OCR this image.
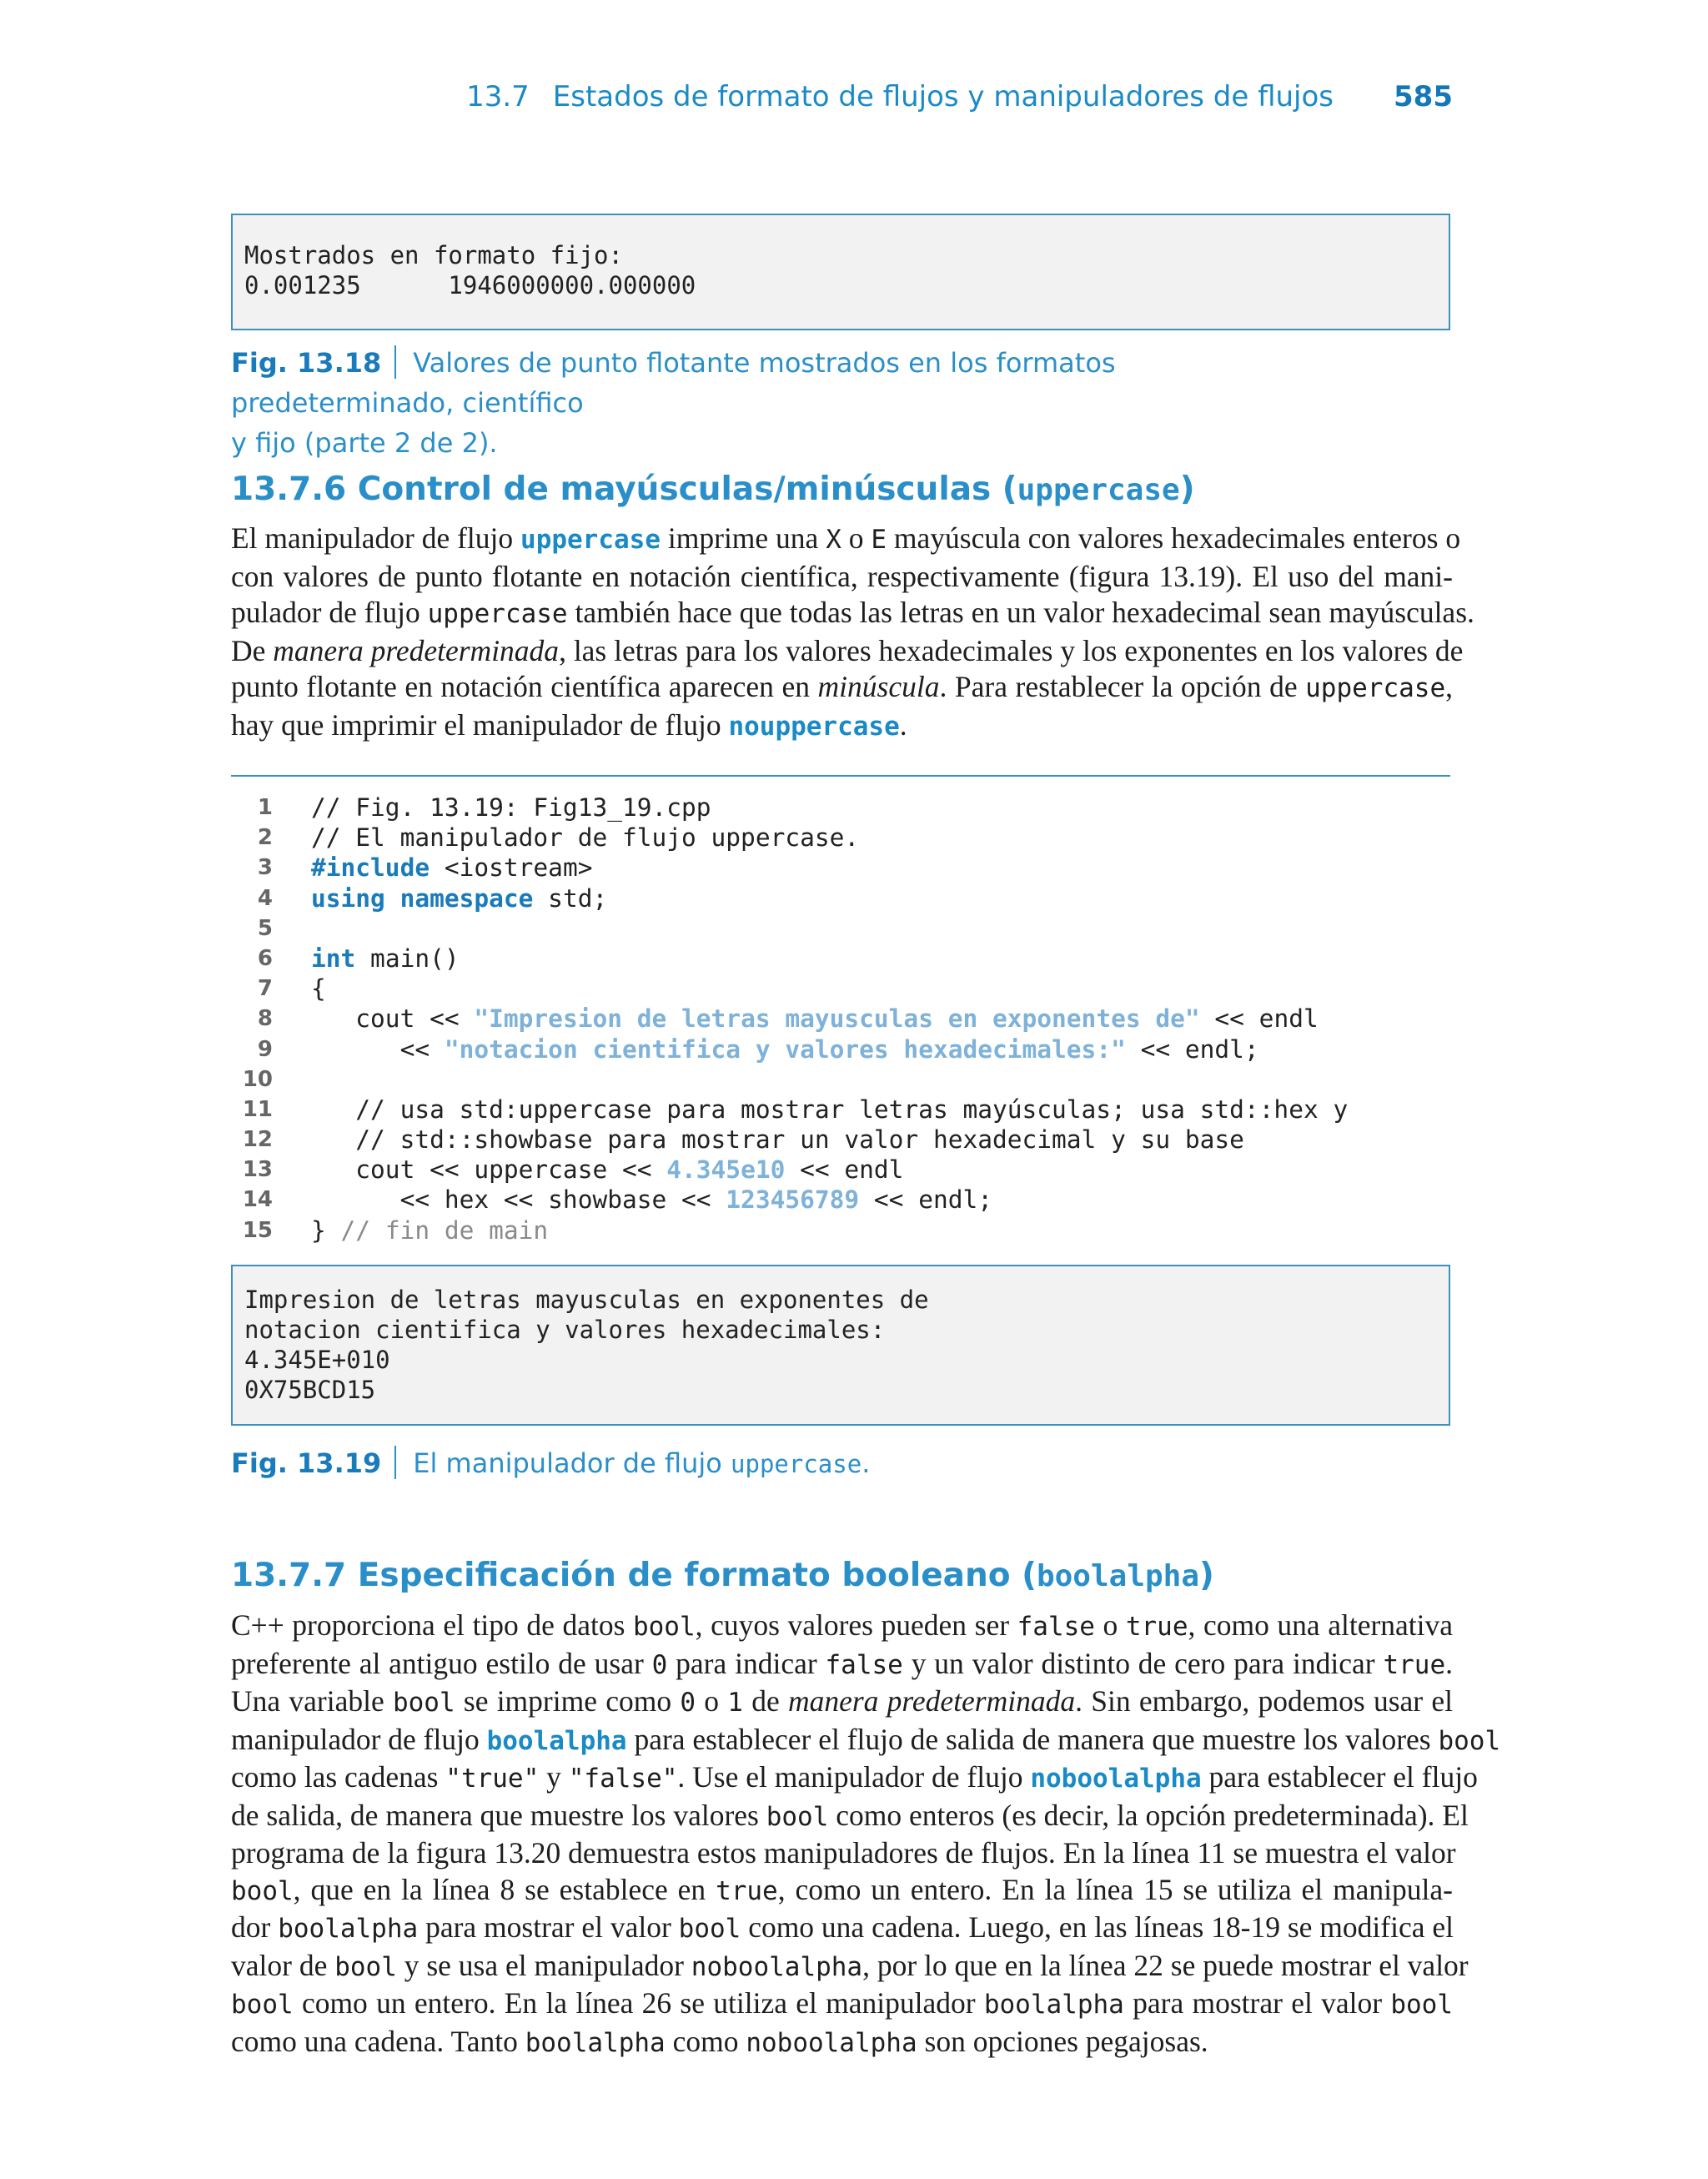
13.7 Estados de formato de flujos y manipuladores de flujos 585
Mostrados en formato fijo:
0.001235      1946000000.000000
Fig. 13.18 Valores de punto flotante mostrados en los formatos predeterminado, científico
y fijo (parte 2 de 2).
13.7.6 Control de mayúsculas/minúsculas (uppercase)
El manipulador de flujo uppercase imprime una X o E mayúscula con valores hexadecimales enteros o
con valores de punto flotante en notación científica, respectivamente (figura 13.19). El uso del mani-
pulador de flujo uppercase también hace que todas las letras en un valor hexadecimal sean mayúsculas.
De manera predeterminada, las letras para los valores hexadecimales y los exponentes en los valores de
punto flotante en notación científica aparecen en minúscula. Para restablecer la opción de uppercase,
hay que imprimir el manipulador de flujo nouppercase.
1	// Fig. 13.19: Fig13_19.cpp
2	// El manipulador de flujo uppercase.
3	#include <iostream>
4	using namespace std;
5
6	int main()
7	{
8	cout << "Impresion de letras mayusculas en exponentes de" << endl
9	<< "notacion cientifica y valores hexadecimales:" << endl;
10
11	// usa std:uppercase para mostrar letras mayúsculas; usa std::hex y
12	// std::showbase para mostrar un valor hexadecimal y su base
13	cout << uppercase << 4.345e10 << endl
14	<< hex << showbase << 123456789 << endl;
15	} // fin de main
Impresion de letras mayusculas en exponentes de
notacion cientifica y valores hexadecimales:
4.345E+010
0X75BCD15
Fig. 13.19 El manipulador de flujo uppercase.
13.7.7 Especificación de formato booleano (boolalpha)
C++ proporciona el tipo de datos bool, cuyos valores pueden ser false o true, como una alternativa
preferente al antiguo estilo de usar 0 para indicar false y un valor distinto de cero para indicar true.
Una variable bool se imprime como 0 o 1 de manera predeterminada. Sin embargo, podemos usar el
manipulador de flujo boolalpha para establecer el flujo de salida de manera que muestre los valores bool
como las cadenas "true" y "false". Use el manipulador de flujo noboolalpha para establecer el flujo
de salida, de manera que muestre los valores bool como enteros (es decir, la opción predeterminada). El
programa de la figura 13.20 demuestra estos manipuladores de flujos. En la línea 11 se muestra el valor
bool, que en la línea 8 se establece en true, como un entero. En la línea 15 se utiliza el manipula-
dor boolalpha para mostrar el valor bool como una cadena. Luego, en las líneas 18-19 se modifica el
valor de bool y se usa el manipulador noboolalpha, por lo que en la línea 22 se puede mostrar el valor
bool como un entero. En la línea 26 se utiliza el manipulador boolalpha para mostrar el valor bool
como una cadena. Tanto boolalpha como noboolalpha son opciones pegajosas.
